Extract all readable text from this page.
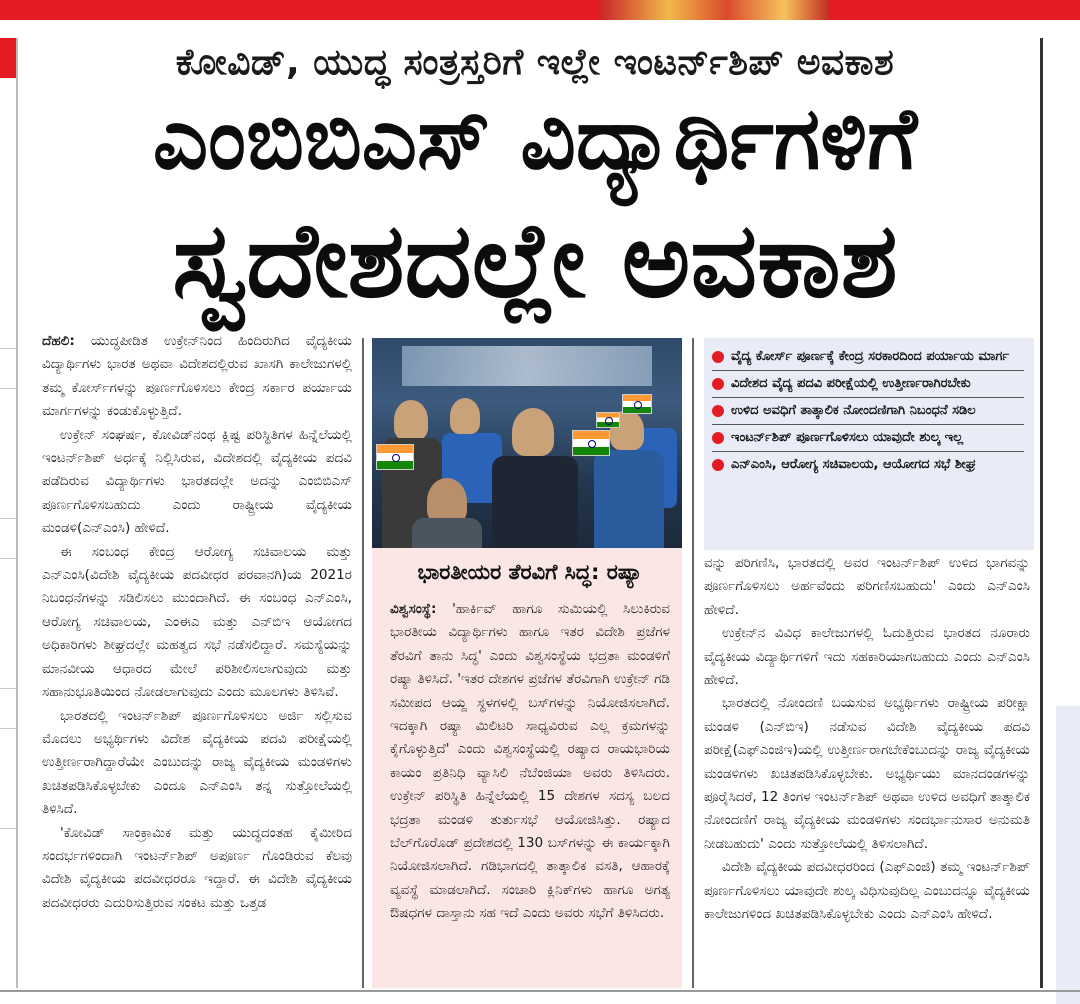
ಕೋವಿಡ್, ಯುದ್ಧ ಸಂತ್ರಸ್ತರಿಗೆ ಇಲ್ಲೇ ಇಂಟರ್ನ್‌ಶಿಪ್ ಅವಕಾಶ
ಎಂಬಿಬಿಎಸ್ ವಿದ್ಯಾರ್ಥಿಗಳಿಗೆ
ಸ್ವದೇಶದಲ್ಲೇ ಅವಕಾಶ

ದೆಹಲಿ: ಯುದ್ಧಪೀಡಿತ ಉಕ್ರೇನ್‌ನಿಂದ ಹಿಂದಿರುಗಿದ ವೈದ್ಯಕೀಯ ವಿದ್ಯಾರ್ಥಿಗಳು ಭಾರತ ಅಥವಾ ವಿದೇಶದಲ್ಲಿರುವ ಖಾಸಗಿ ಕಾಲೇಜುಗಳಲ್ಲಿ ತಮ್ಮ ಕೋರ್ಸ್‌ಗಳನ್ನು ಪೂರ್ಣಗೊಳಿಸಲು ಕೇಂದ್ರ ಸರ್ಕಾರ ಪರ್ಯಾಯ ಮಾರ್ಗಗಳನ್ನು ಕಂಡುಕೊಳ್ಳುತ್ತಿದೆ.

ಉಕ್ರೇನ್ ಸಂಘರ್ಷ, ಕೋವಿಡ್‌ನಂಥ ಕ್ಲಿಷ್ಟ ಪರಿಸ್ಥಿತಿಗಳ ಹಿನ್ನೆಲೆಯಲ್ಲಿ ಇಂಟರ್ನ್‌ಶಿಪ್ ಅರ್ಧಕ್ಕೆ ನಿಲ್ಲಿಸಿರುವ, ವಿದೇಶದಲ್ಲಿ ವೈದ್ಯಕೀಯ ಪದವಿ ಪಡೆದಿರುವ ವಿದ್ಯಾರ್ಥಿಗಳು ಭಾರತದಲ್ಲೇ ಅದನ್ನು ಎಂಬಿಬಿಎಸ್ ಪೂರ್ಣಗೊಳಿಸಬಹುದು ಎಂದು ರಾಷ್ಟ್ರೀಯ ವೈದ್ಯಕೀಯ ಮಂಡಳಿ(ಎನ್‌ಎಂಸಿ) ಹೇಳಿದೆ.

ಈ ಸಂಬಂಧ ಕೇಂದ್ರ ಆರೋಗ್ಯ ಸಚಿವಾಲಯ ಮತ್ತು ಎನ್‌ಎಂಸಿ(ವಿದೇಶಿ ವೈದ್ಯಕೀಯ ಪದವೀಧರ ಪರವಾನಗಿ)ಯ 2021ರ ನಿಬಂಧನೆಗಳನ್ನು ಸಡಿಲಿಸಲು ಮುಂದಾಗಿದೆ. ಈ ಸಂಬಂಧ ಎನ್‌ಎಂಸಿ, ಆರೋಗ್ಯ ಸಚಿವಾಲಯ, ಎಂಈಎ ಮತ್ತು ಎನ್‌ಬಿಇ ಆಯೋಗದ ಅಧಿಕಾರಿಗಳು ಶೀಘ್ರದಲ್ಲೇ ಮಹತ್ವದ ಸಭೆ ನಡೆಸಲಿದ್ದಾರೆ. ಸಮಸ್ಯೆಯನ್ನು ಮಾನವೀಯ ಆಧಾರದ ಮೇಲೆ ಪರಿಶೀಲಿಸಲಾಗುವುದು ಮತ್ತು ಸಹಾನುಭೂತಿಯಿಂದ ನೋಡಲಾಗುವುದು ಎಂದು ಮೂಲಗಳು ತಿಳಿಸಿವೆ.

ಭಾರತದಲ್ಲಿ ಇಂಟರ್ನ್‌ಶಿಪ್ ಪೂರ್ಣಗೊಳಿಸಲು ಅರ್ಜಿ ಸಲ್ಲಿಸುವ ಮೊದಲು ಅಭ್ಯರ್ಥಿಗಳು ವಿದೇಶ ವೈದ್ಯಕೀಯ ಪದವಿ ಪರೀಕ್ಷೆಯಲ್ಲಿ ಉತ್ತೀರ್ಣರಾಗಿದ್ದಾರೆಯೇ ಎಂಬುದನ್ನು ರಾಜ್ಯ ವೈದ್ಯಕೀಯ ಮಂಡಳಿಗಳು ಖಚಿತಪಡಿಸಿಕೊಳ್ಳಬೇಕು ಎಂದೂ ಎನ್‌ಎಂಸಿ ತನ್ನ ಸುತ್ತೋಲೆಯಲ್ಲಿ ತಿಳಿಸಿದೆ.

'ಕೋವಿಡ್ ಸಾಂಕ್ರಾಮಿಕ ಮತ್ತು ಯುದ್ಧದಂತಹ ಕೈಮೀರಿದ ಸಂದರ್ಭಗಳಿಂದಾಗಿ ಇಂಟರ್ನ್‌ಶಿಪ್ ಅಪೂರ್ಣ ಗೊಂಡಿರುವ ಕೆಲವು ವಿದೇಶಿ ವೈದ್ಯಕೀಯ ಪದವೀಧರರೂ ಇದ್ದಾರೆ. ಈ ವಿದೇಶಿ ವೈದ್ಯಕೀಯ ಪದವೀಧರರು ಎದುರಿಸುತ್ತಿರುವ ಸಂಕಟ ಮತ್ತು ಒತ್ತಡ

ಭಾರತೀಯರ ತೆರವಿಗೆ ಸಿದ್ಧ: ರಷ್ಯಾ

ವಿಶ್ವಸಂಸ್ಥೆ: 'ಹಾರ್ಕಿವ್ ಹಾಗೂ ಸುಮಿಯಲ್ಲಿ ಸಿಲುಕಿರುವ ಭಾರತೀಯ ವಿದ್ಯಾರ್ಥಿಗಳು ಹಾಗೂ ಇತರ ವಿದೇಶಿ ಪ್ರಜೆಗಳ ತೆರವಿಗೆ ತಾನು ಸಿದ್ಧ' ಎಂದು ವಿಶ್ವಸಂಸ್ಥೆಯ ಭದ್ರತಾ ಮಂಡಳಿಗೆ ರಷ್ಯಾ ತಿಳಿಸಿದೆ. 'ಇತರ ದೇಶಗಳ ಪ್ರಜೆಗಳ ತೆರವಿಗಾಗಿ ಉಕ್ರೇನ್ ಗಡಿ ಸಮೀಪದ ಆಯ್ದ ಸ್ಥಳಗಳಲ್ಲಿ ಬಸ್‌ಗಳನ್ನು ನಿಯೋಜಿಸಲಾಗಿದೆ. ಇದಕ್ಕಾಗಿ ರಷ್ಯಾ ಮಿಲಿಟರಿ ಸಾಧ್ಯವಿರುವ ಎಲ್ಲ ಕ್ರಮಗಳನ್ನು ಕೈಗೊಳ್ಳುತ್ತಿದೆ' ಎಂದು ವಿಶ್ವಸಂಸ್ಥೆಯಲ್ಲಿ ರಷ್ಯಾದ ರಾಯಭಾರಿಯ ಕಾಯಂ ಪ್ರತಿನಿಧಿ ವ್ಯಾಸಿಲಿ ನೆಬೆಂಜಿಯಾ ಅವರು ತಿಳಿಸಿದರು. ಉಕ್ರೇನ್ ಪರಿಸ್ಥಿತಿ ಹಿನ್ನೆಲೆಯಲ್ಲಿ 15 ದೇಶಗಳ ಸದಸ್ಯ ಬಲದ ಭದ್ರತಾ ಮಂಡಳಿ ತುರ್ತುಸಭೆ ಆಯೋಜಿಸಿತ್ತು. ರಷ್ಯಾದ ಬೆಲ್‌ಗೊರೊಡ್ ಪ್ರದೇಶದಲ್ಲಿ 130 ಬಸ್‌ಗಳನ್ನು ಈ ಕಾರ್ಯಕ್ಕಾಗಿ ನಿಯೋಜಿಸಲಾಗಿದೆ. ಗಡಿಭಾಗದಲ್ಲಿ ತಾತ್ಕಾಲಿಕ ವಸತಿ, ಆಹಾರಕ್ಕೆ ವ್ಯವಸ್ಥೆ ಮಾಡಲಾಗಿದೆ. ಸಂಚಾರಿ ಕ್ಲಿನಿಕ್‌ಗಳು ಹಾಗೂ ಅಗತ್ಯ ಔಷಧಗಳ ದಾಸ್ತಾನು ಸಹ ಇದೆ ಎಂದು ಅವರು ಸಭೆಗೆ ತಿಳಿಸಿದರು.

ವೈದ್ಯ ಕೋರ್ಸ್ ಪೂರ್ಣಕ್ಕೆ ಕೇಂದ್ರ ಸರಕಾರದಿಂದ ಪರ್ಯಾಯ ಮಾರ್ಗ
ವಿದೇಶದ ವೈದ್ಯ ಪದವಿ ಪರೀಕ್ಷೆಯಲ್ಲಿ ಉತ್ತೀರ್ಣರಾಗಿರಬೇಕು
ಉಳಿದ ಅವಧಿಗೆ ತಾತ್ಕಾಲಿಕ ನೋಂದಣಿಗಾಗಿ ನಿಬಂಧನೆ ಸಡಿಲ
ಇಂಟರ್ನ್‌ಶಿಪ್ ಪೂರ್ಣಗೊಳಿಸಲು ಯಾವುದೇ ಶುಲ್ಕ ಇಲ್ಲ
ಎನ್‌ಎಂಸಿ, ಆರೋಗ್ಯ ಸಚಿವಾಲಯ, ಆಯೋಗದ ಸಭೆ ಶೀಘ್ರ

ವನ್ನು ಪರಿಗಣಿಸಿ, ಭಾರತದಲ್ಲಿ ಅವರ ಇಂಟರ್ನ್‌ಶಿಪ್ ಉಳಿದ ಭಾಗವನ್ನು ಪೂರ್ಣಗೊಳಿಸಲು ಅರ್ಹವೆಂದು ಪರಿಗಣಿಸಬಹುದು' ಎಂದು ಎನ್‌ಎಂಸಿ ಹೇಳಿದೆ.

ಉಕ್ರೇನ್‌ನ ವಿವಿಧ ಕಾಲೇಜುಗಳಲ್ಲಿ ಓದುತ್ತಿರುವ ಭಾರತದ ನೂರಾರು ವೈದ್ಯಕೀಯ ವಿದ್ಯಾರ್ಥಿಗಳಿಗೆ ಇದು ಸಹಕಾರಿಯಾಗಬಹುದು ಎಂದು ಎನ್‌ಎಂಸಿ ಹೇಳಿದೆ.

ಭಾರತದಲ್ಲಿ ನೋಂದಣಿ ಬಯಸುವ ಅಭ್ಯರ್ಥಿಗಳು ರಾಷ್ಟ್ರೀಯ ಪರೀಕ್ಷಾ ಮಂಡಳಿ (ಎನ್‌ಬಿಇ) ನಡೆಸುವ ವಿದೇಶಿ ವೈದ್ಯಕೀಯ ಪದವಿ ಪರೀಕ್ಷೆ(ಎಫ್‌ಎಂಜಿಇ)ಯಲ್ಲಿ ಉತ್ತೀರ್ಣರಾಗಬೇಕೆಂಬುದನ್ನು ರಾಜ್ಯ ವೈದ್ಯಕೀಯ ಮಂಡಳಿಗಳು ಖಚಿತಪಡಿಸಿಕೊಳ್ಳಬೇಕು. ಅಭ್ಯರ್ಥಿಯು ಮಾನದಂಡಗಳನ್ನು ಪೂರೈಸಿದರೆ, 12 ತಿಂಗಳ ಇಂಟರ್ನ್‌ಶಿಪ್ ಅಥವಾ ಉಳಿದ ಅವಧಿಗೆ ತಾತ್ಕಾಲಿಕ ನೋಂದಣಿಗೆ ರಾಜ್ಯ ವೈದ್ಯಕೀಯ ಮಂಡಳಿಗಳು ಸಂದರ್ಭಾನುಸಾರ ಅನುಮತಿ ನೀಡಬಹುದು' ಎಂದು ಸುತ್ತೋಲೆಯಲ್ಲಿ ತಿಳಿಸಲಾಗಿದೆ.

ವಿದೇಶಿ ವೈದ್ಯಕೀಯ ಪದವೀಧರರಿಂದ (ಎಫ್‌ಎಂಜಿ) ತಮ್ಮ ಇಂಟರ್ನ್‌ಶಿಪ್ ಪೂರ್ಣಗೊಳಿಸಲು ಯಾವುದೇ ಶುಲ್ಕ ವಿಧಿಸುವುದಿಲ್ಲ ಎಂಬುದನ್ನೂ ವೈದ್ಯಕೀಯ ಕಾಲೇಜುಗಳಿಂದ ಖಚಿತಪಡಿಸಿಕೊಳ್ಳಬೇಕು ಎಂದು ಎನ್‌ಎಂಸಿ ಹೇಳಿದೆ.
